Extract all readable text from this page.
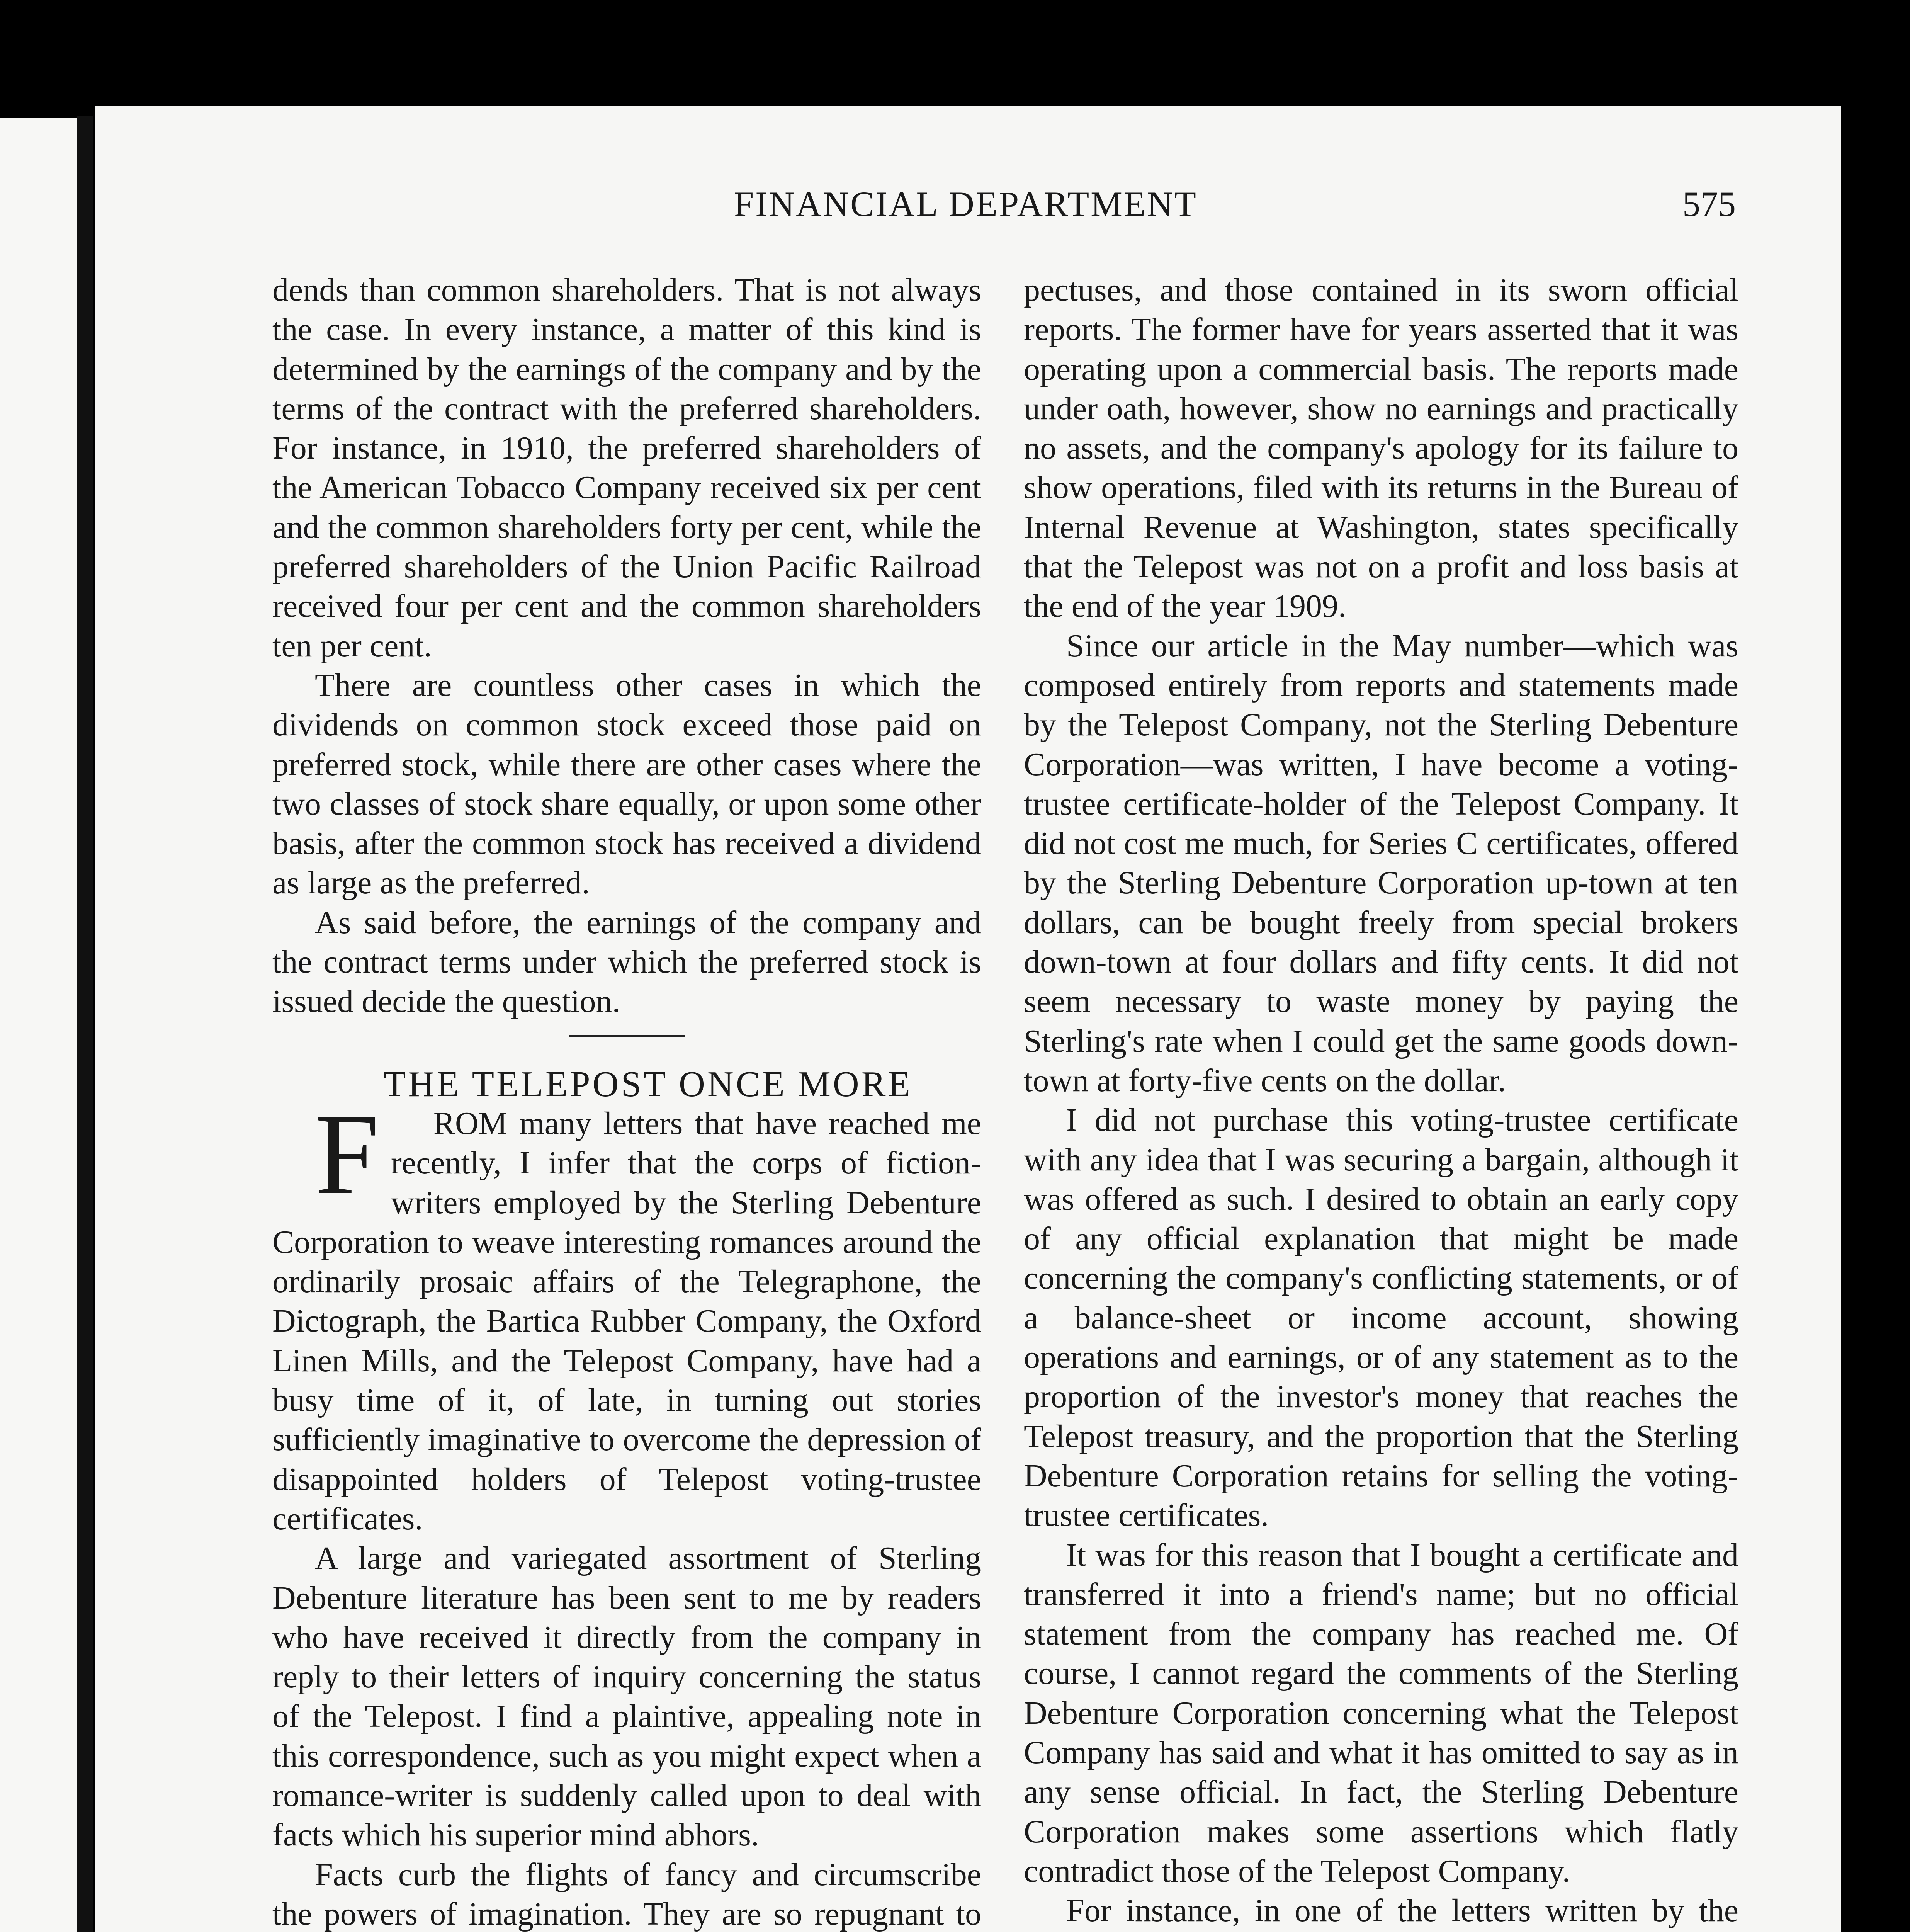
FINANCIAL DEPARTMENT	575

dends than common shareholders. That is not always the case. In every instance, a matter of this kind is determined by the earnings of the company and by the terms of the contract with the preferred shareholders. For instance, in 1910, the preferred shareholders of the American Tobacco Company received six per cent and the common shareholders forty per cent, while the preferred shareholders of the Union Pacific Railroad received four per cent and the common shareholders ten per cent.

There are countless other cases in which the dividends on common stock exceed those paid on preferred stock, while there are other cases where the two classes of stock share equally, or upon some other basis, after the common stock has received a dividend as large as the preferred.

As said before, the earnings of the company and the contract terms under which the preferred stock is issued decide the question.

THE TELEPOST ONCE MORE

F ROM many letters that have reached me recently, I infer that the corps of fiction-writers employed by the Sterling Debenture Corporation to weave interesting romances around the ordinarily prosaic affairs of the Telegraphone, the Dictograph, the Bartica Rubber Company, the Oxford Linen Mills, and the Telepost Company, have had a busy time of it, of late, in turning out stories sufficiently imaginative to overcome the depression of disappointed holders of Telepost voting-trustee certificates.

A large and variegated assortment of Sterling Debenture literature has been sent to me by readers who have received it directly from the company in reply to their letters of inquiry concerning the status of the Telepost. I find a plaintive, appealing note in this correspondence, such as you might expect when a romance-writer is suddenly called upon to deal with facts which his superior mind abhors.

Facts curb the flights of fancy and circumscribe the powers of imagination. They are so repugnant to

pectuses, and those contained in its sworn official reports. The former have for years asserted that it was operating upon a commercial basis. The reports made under oath, however, show no earnings and practically no assets, and the company's apology for its failure to show operations, filed with its returns in the Bureau of Internal Revenue at Washington, states specifically that the Telepost was not on a profit and loss basis at the end of the year 1909.

Since our article in the May number—which was composed entirely from reports and statements made by the Telepost Company, not the Sterling Debenture Corporation—was written, I have become a voting-trustee certificate-holder of the Telepost Company. It did not cost me much, for Series C certificates, offered by the Sterling Debenture Corporation up-town at ten dollars, can be bought freely from special brokers down-town at four dollars and fifty cents. It did not seem necessary to waste money by paying the Sterling's rate when I could get the same goods down-town at forty-five cents on the dollar.

I did not purchase this voting-trustee certificate with any idea that I was securing a bargain, although it was offered as such. I desired to obtain an early copy of any official explanation that might be made concerning the company's conflicting statements, or of a balance-sheet or income account, showing operations and earnings, or of any statement as to the proportion of the investor's money that reaches the Telepost treasury, and the proportion that the Sterling Debenture Corporation retains for selling the voting-trustee certificates.

It was for this reason that I bought a certificate and transferred it into a friend's name; but no official statement from the company has reached me. Of course, I cannot regard the comments of the Sterling Debenture Corporation concerning what the Telepost Company has said and what it has omitted to say as in any sense official. In fact, the Sterling Debenture Corporation makes some assertions which flatly contradict those of the Telepost Company.

For instance, in one of the letters written by the
